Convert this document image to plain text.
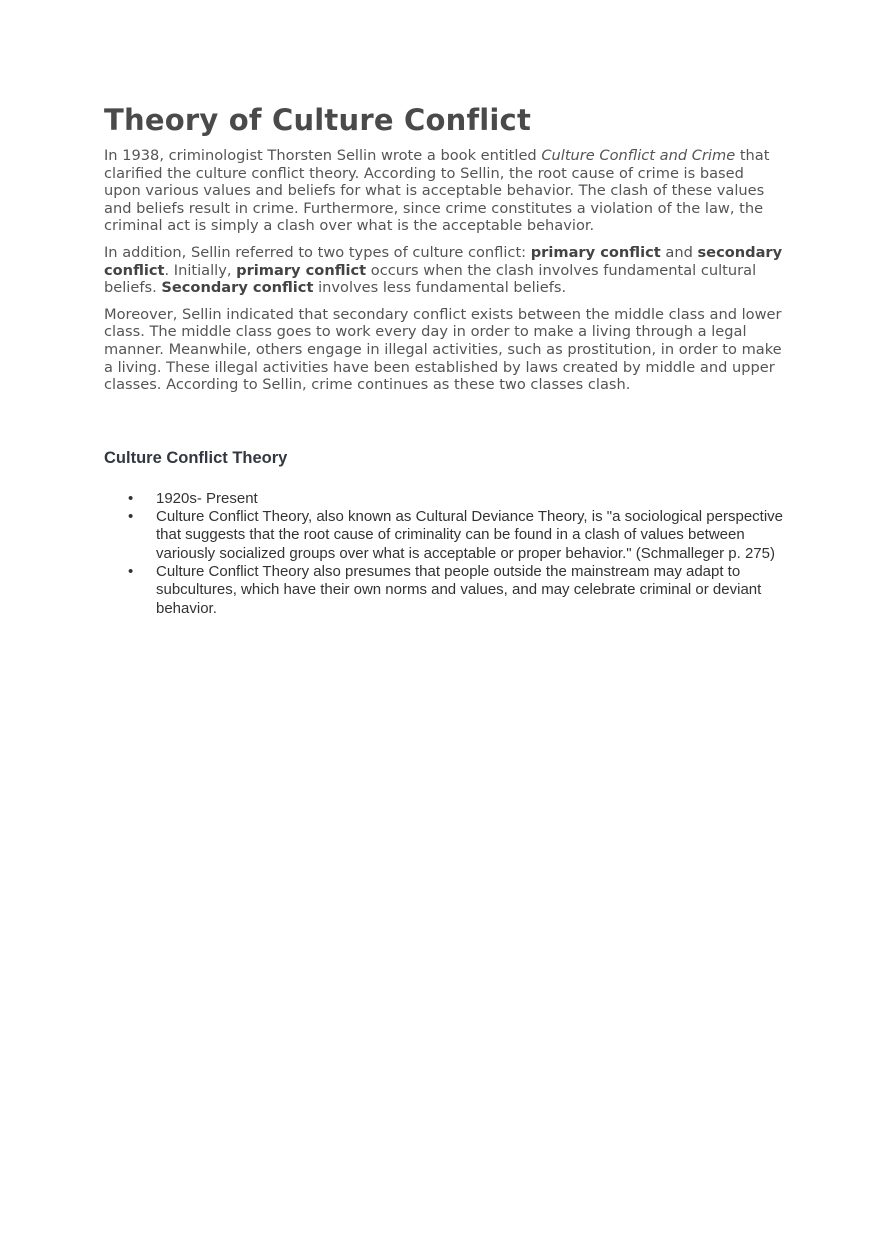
Theory of Culture Conflict

In 1938, criminologist Thorsten Sellin wrote a book entitled Culture Conflict and Crime that clarified the culture conflict theory. According to Sellin, the root cause of crime is based upon various values and beliefs for what is acceptable behavior. The clash of these values and beliefs result in crime. Furthermore, since crime constitutes a violation of the law, the criminal act is simply a clash over what is the acceptable behavior.

In addition, Sellin referred to two types of culture conflict: primary conflict and secondary conflict. Initially, primary conflict occurs when the clash involves fundamental cultural beliefs. Secondary conflict involves less fundamental beliefs.

Moreover, Sellin indicated that secondary conflict exists between the middle class and lower class. The middle class goes to work every day in order to make a living through a legal manner. Meanwhile, others engage in illegal activities, such as prostitution, in order to make a living. These illegal activities have been established by laws created by middle and upper classes. According to Sellin, crime continues as these two classes clash.

Culture Conflict Theory
• 1920s- Present
• Culture Conflict Theory, also known as Cultural Deviance Theory, is "a sociological perspective that suggests that the root cause of criminality can be found in a clash of values between variously socialized groups over what is acceptable or proper behavior." (Schmalleger p. 275)
• Culture Conflict Theory also presumes that people outside the mainstream may adapt to subcultures, which have their own norms and values, and may celebrate criminal or deviant behavior.
